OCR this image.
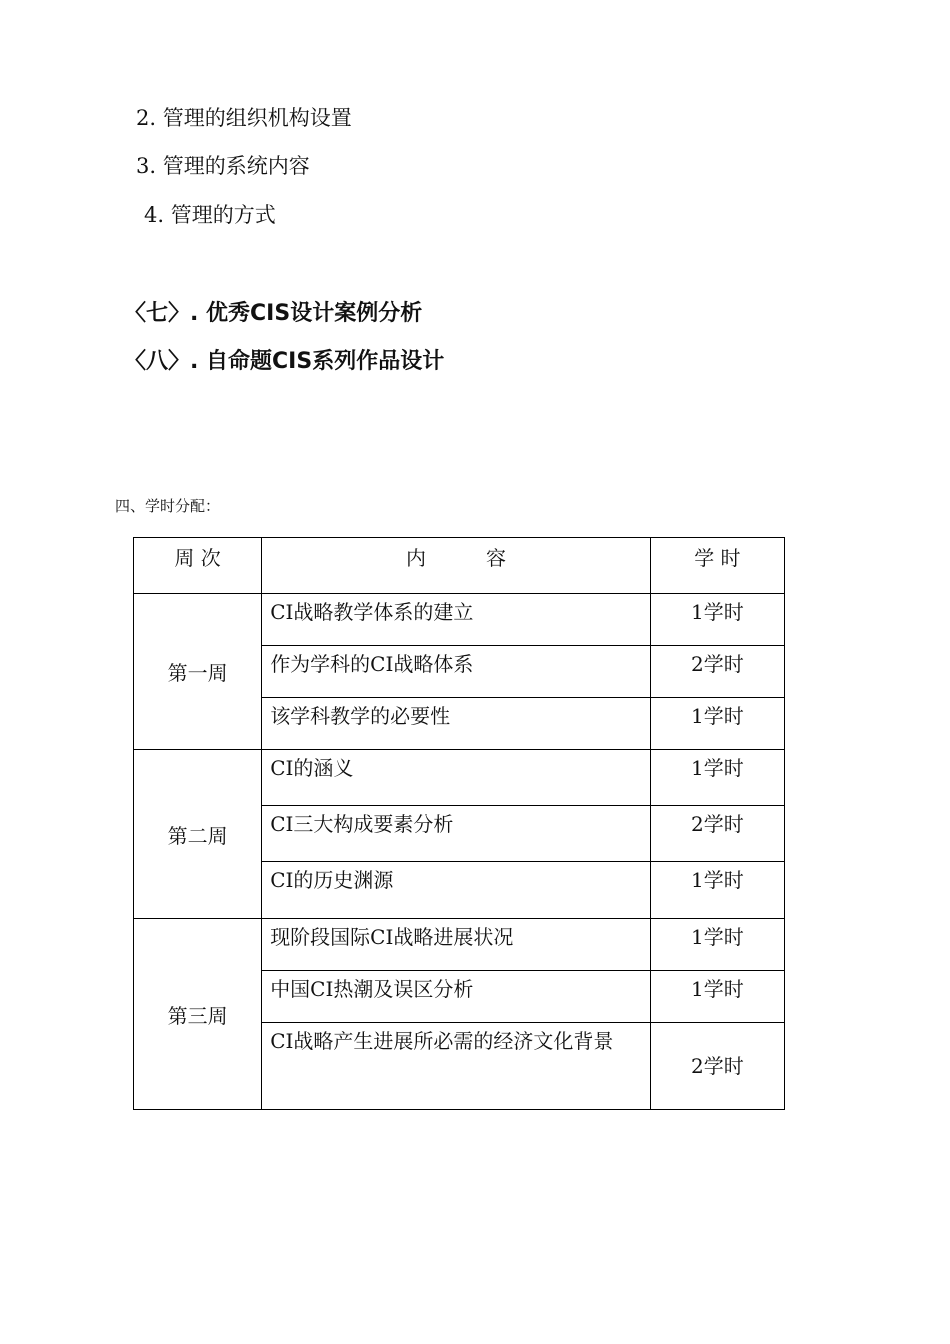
2. 管理的组织机构设置
3. 管理的系统内容
4. 管理的方式
〈七〉. 优秀CIS设计案例分析
〈八〉. 自命题CIS系列作品设计
四、学时分配：
周 次	内　　　容	学 时
第一周	CI战略教学体系的建立	1学时
	作为学科的CI战略体系	2学时
	该学科教学的必要性	1学时
第二周	CI的涵义	1学时
	CI三大构成要素分析	2学时
	CI的历史渊源	1学时
第三周	现阶段国际CI战略进展状况	1学时
	中国CI热潮及误区分析	1学时
	CI战略产生进展所必需的经济文化背景	2学时
